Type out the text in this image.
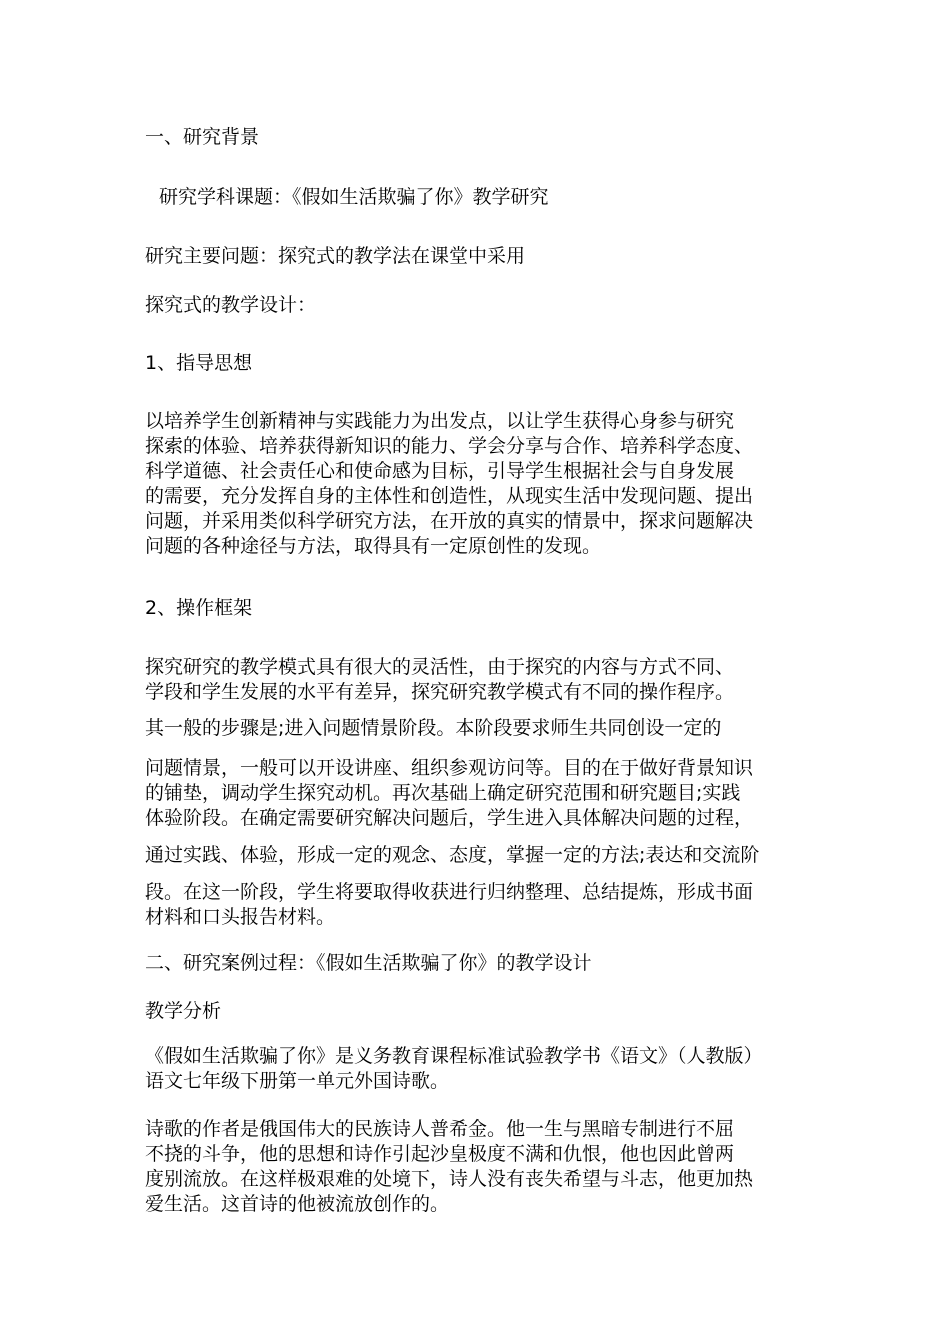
一、研究背景
研究学科课题：《假如生活欺骗了你》教学研究
研究主要问题：探究式的教学法在课堂中采用
探究式的教学设计：
1、指导思想
以培养学生创新精神与实践能力为出发点，以让学生获得心身参与研究
探索的体验、培养获得新知识的能力、学会分享与合作、培养科学态度、
科学道德、社会责任心和使命感为目标，引导学生根据社会与自身发展
的需要，充分发挥自身的主体性和创造性，从现实生活中发现问题、提出
问题，并采用类似科学研究方法，在开放的真实的情景中，探求问题解决
问题的各种途径与方法，取得具有一定原创性的发现。
2、操作框架
探究研究的教学模式具有很大的灵活性，由于探究的内容与方式不同、
学段和学生发展的水平有差异，探究研究教学模式有不同的操作程序。
其一般的步骤是;进入问题情景阶段。本阶段要求师生共同创设一定的
问题情景，一般可以开设讲座、组织参观访问等。目的在于做好背景知识
的铺垫，调动学生探究动机。再次基础上确定研究范围和研究题目;实践
体验阶段。在确定需要研究解决问题后，学生进入具体解决问题的过程，
通过实践、体验，形成一定的观念、态度，掌握一定的方法;表达和交流阶
段。在这一阶段，学生将要取得收获进行归纳整理、总结提炼，形成书面
材料和口头报告材料。
二、研究案例过程：《假如生活欺骗了你》的教学设计
教学分析
《假如生活欺骗了你》是义务教育课程标准试验教学书《语文》（人教版）
语文七年级下册第一单元外国诗歌。
诗歌的作者是俄国伟大的民族诗人普希金。他一生与黑暗专制进行不屈
不挠的斗争，他的思想和诗作引起沙皇极度不满和仇恨，他也因此曾两
度别流放。在这样极艰难的处境下，诗人没有丧失希望与斗志，他更加热
爱生活。这首诗的他被流放创作的。
